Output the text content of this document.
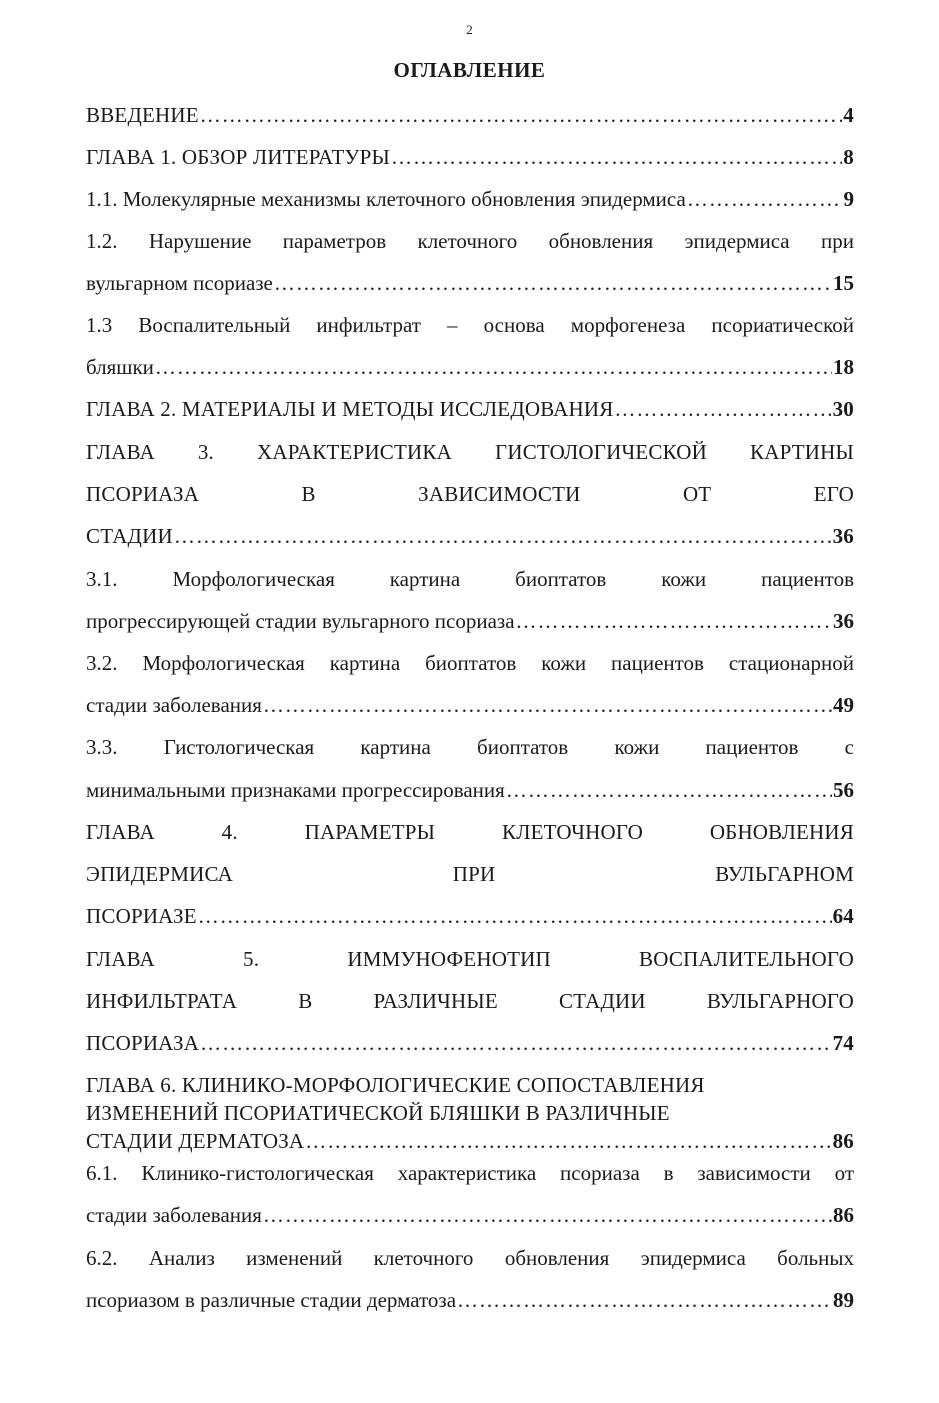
2
ОГЛАВЛЕНИЕ
ВВЕДЕНИЕ ……………………………………………………………………………………………………………………………………………………………………………	4
ГЛАВА 1. ОБЗОР ЛИТЕРАТУРЫ ……………………………………………………………………………………………………………………………………………………………………………	8
1.1. Молекулярные механизмы клеточного обновления эпидермиса ……………………………………………………………………………………………………………………………………………………………………………	9
1.2. Нарушение параметров клеточного обновления эпидермиса при
вульгарном псориазе ……………………………………………………………………………………………………………………………………………………………………………	15
1.3 Воспалительный инфильтрат – основа морфогенеза псориатической
бляшки ……………………………………………………………………………………………………………………………………………………………………………	18
ГЛАВА 2. МАТЕРИАЛЫ И МЕТОДЫ ИССЛЕДОВАНИЯ ……………………………………………………………………………………………………………………………………………………………………………	30
ГЛАВА 3. ХАРАКТЕРИСТИКА ГИСТОЛОГИЧЕСКОЙ КАРТИНЫ
ПСОРИАЗА В ЗАВИСИМОСТИ ОТ ЕГО
СТАДИИ ……………………………………………………………………………………………………………………………………………………………………………	36
3.1. Морфологическая картина биоптатов кожи пациентов
прогрессирующей стадии вульгарного псориаза ……………………………………………………………………………………………………………………………………………………………………………	36
3.2. Морфологическая картина биоптатов кожи пациентов стационарной
стадии заболевания ……………………………………………………………………………………………………………………………………………………………………………	49
3.3. Гистологическая картина биоптатов кожи пациентов с
минимальными признаками прогрессирования ……………………………………………………………………………………………………………………………………………………………………………	56
ГЛАВА 4. ПАРАМЕТРЫ КЛЕТОЧНОГО ОБНОВЛЕНИЯ
ЭПИДЕРМИСА ПРИ ВУЛЬГАРНОМ
ПСОРИАЗЕ ……………………………………………………………………………………………………………………………………………………………………………	64
ГЛАВА 5. ИММУНОФЕНОТИП ВОСПАЛИТЕЛЬНОГО
ИНФИЛЬТРАТА В РАЗЛИЧНЫЕ СТАДИИ ВУЛЬГАРНОГО
ПСОРИАЗА ……………………………………………………………………………………………………………………………………………………………………………	74
ГЛАВА 6. КЛИНИКО-МОРФОЛОГИЧЕСКИЕ СОПОСТАВЛЕНИЯ
ИЗМЕНЕНИЙ ПСОРИАТИЧЕСКОЙ БЛЯШКИ В РАЗЛИЧНЫЕ
СТАДИИ ДЕРМАТОЗА ……………………………………………………………………………………………………………………………………………………………………………	86
6.1. Клинико-гистологическая характеристика псориаза в зависимости от
стадии заболевания ……………………………………………………………………………………………………………………………………………………………………………	86
6.2. Анализ изменений клеточного обновления эпидермиса больных
псориазом в различные стадии дерматоза ……………………………………………………………………………………………………………………………………………………………………………	89
